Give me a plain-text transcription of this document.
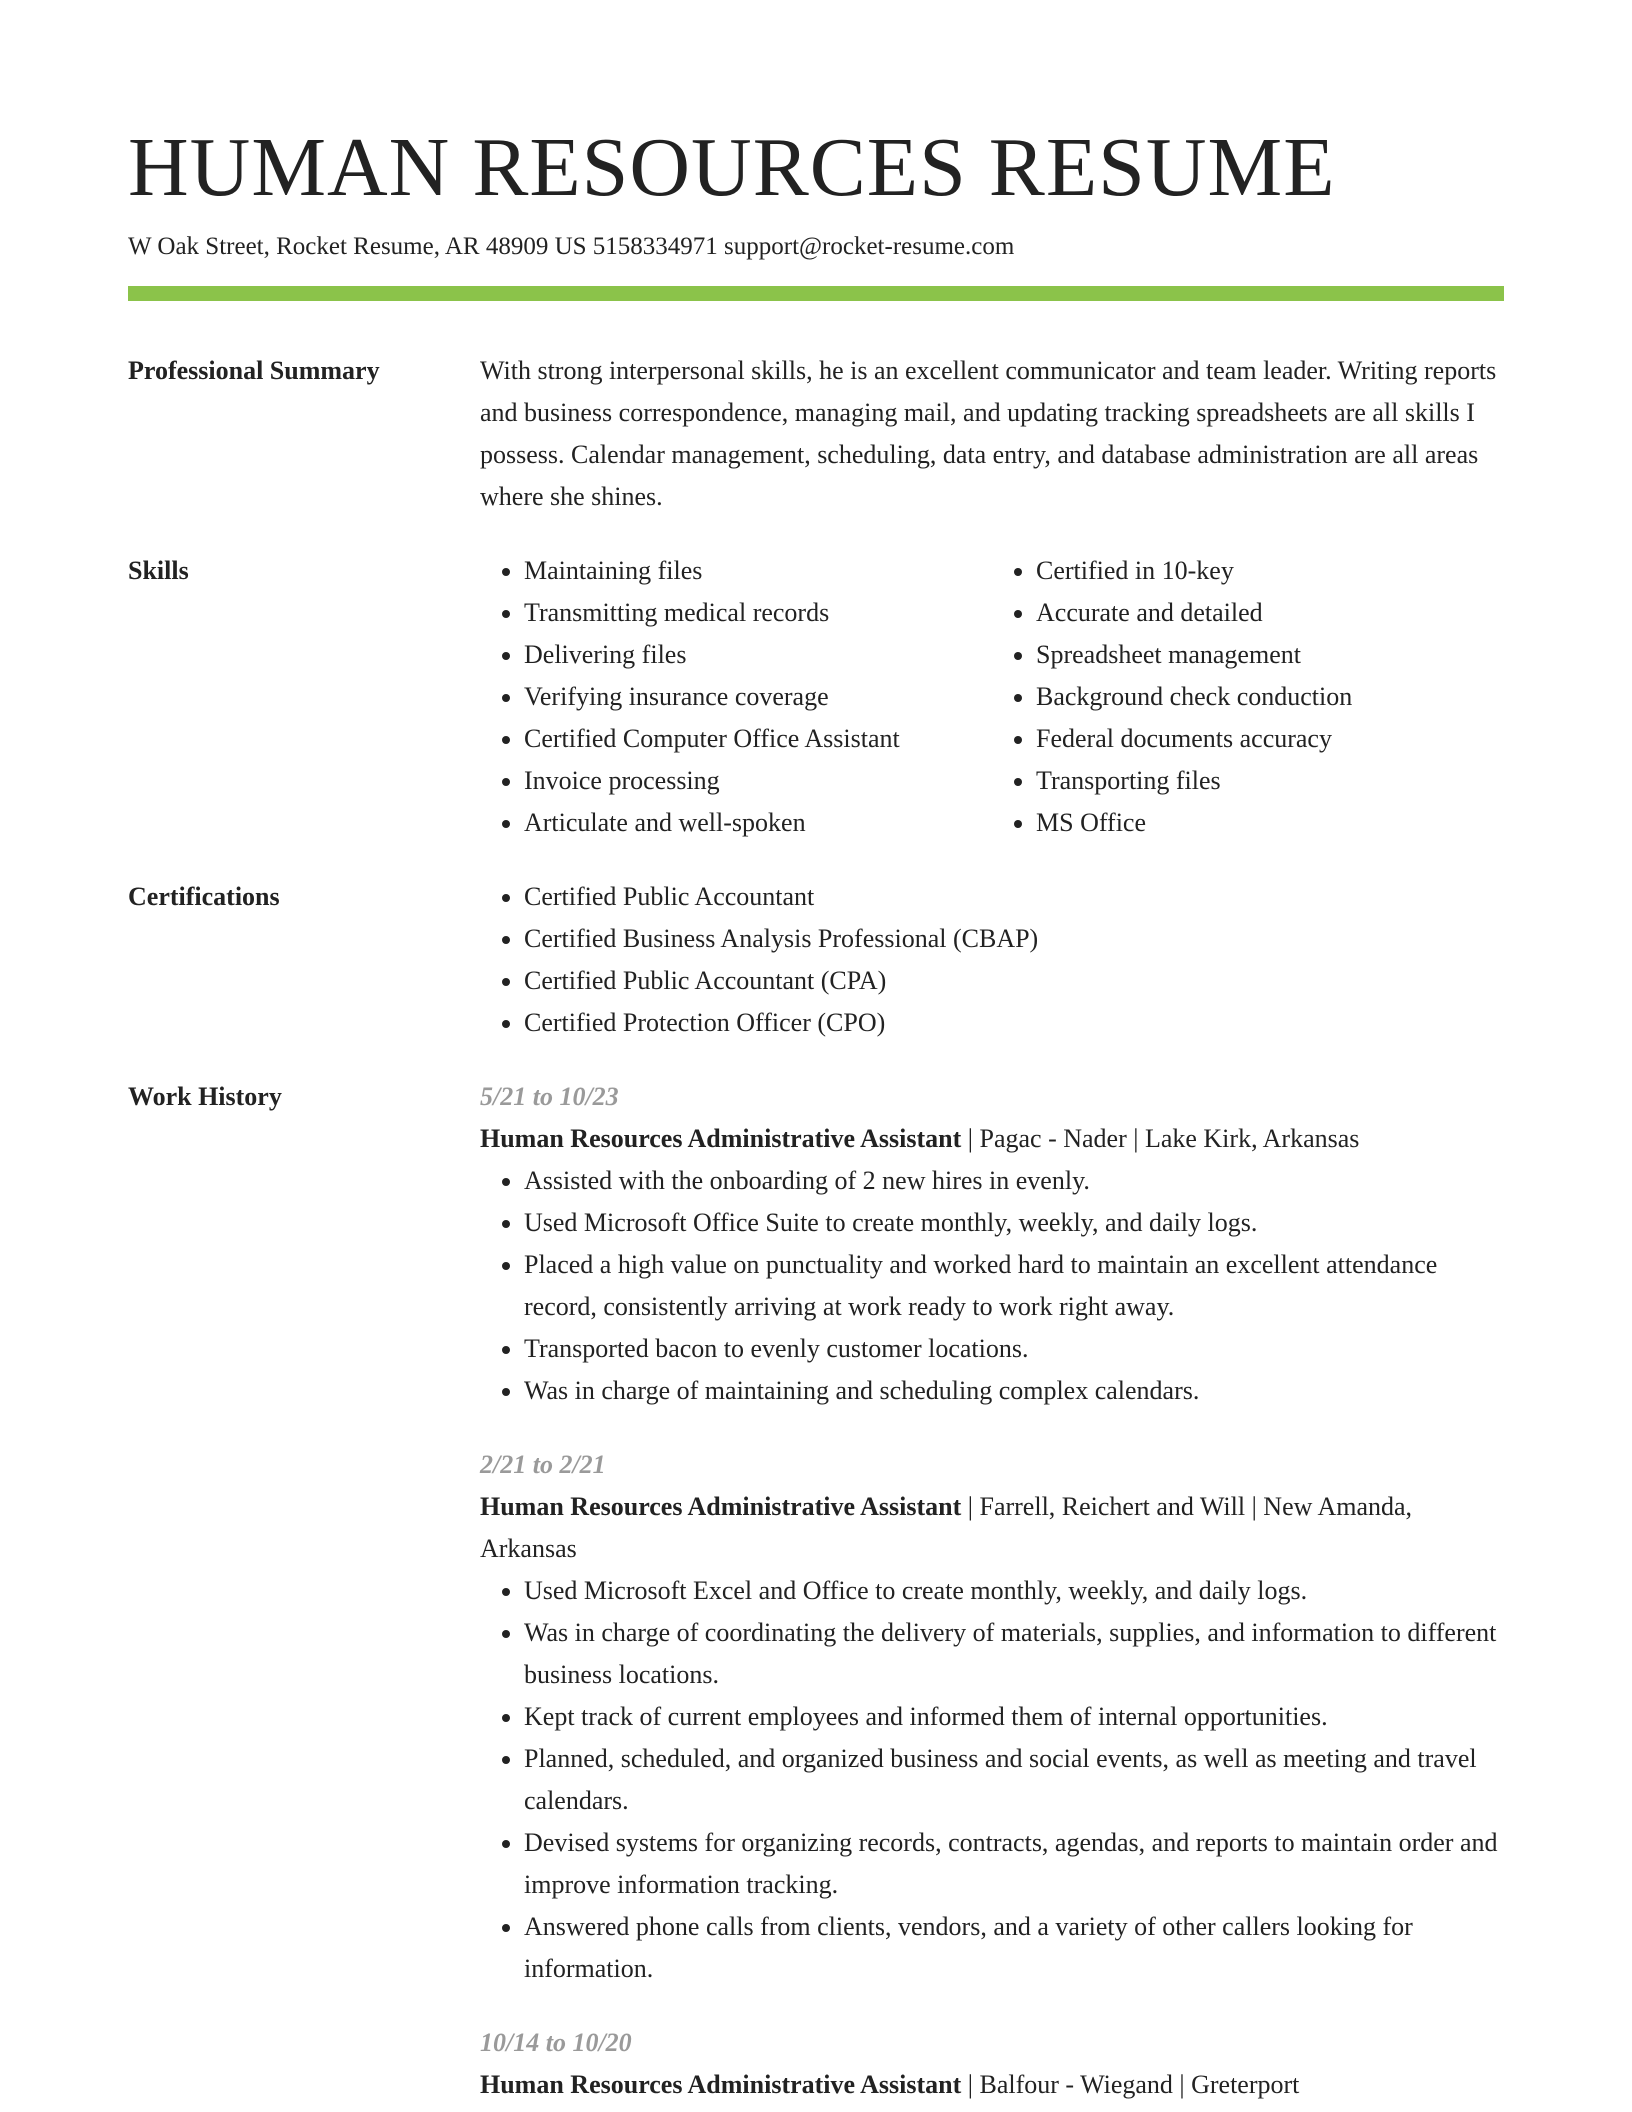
HUMAN RESOURCES RESUME
W Oak Street, Rocket Resume, AR 48909 US 5158334971 support@rocket-resume.com
Professional Summary	With strong interpersonal skills, he is an excellent communicator and team leader. Writing reports and business correspondence, managing mail, and updating tracking spreadsheets are all skills I possess. Calendar management, scheduling, data entry, and database administration are all areas where she shines.

Skills	• Maintaining files
• Transmitting medical records
• Delivering files
• Verifying insurance coverage
• Certified Computer Office Assistant
• Invoice processing
• Articulate and well-spoken
• Certified in 10-key
• Accurate and detailed
• Spreadsheet management
• Background check conduction
• Federal documents accuracy
• Transporting files
• MS Office
Certifications	• Certified Public Accountant
• Certified Business Analysis Professional (CBAP)
• Certified Public Accountant (CPA)
• Certified Protection Officer (CPO)
Work History	5/21 to 10/23

Human Resources Administrative Assistant | Pagac - Nader | Lake Kirk, Arkansas

• Assisted with the onboarding of 2 new hires in evenly.
• Used Microsoft Office Suite to create monthly, weekly, and daily logs.
• Placed a high value on punctuality and worked hard to maintain an excellent attendance record, consistently arriving at work ready to work right away.
• Transported bacon to evenly customer locations.
• Was in charge of maintaining and scheduling complex calendars.
2/21 to 2/21

Human Resources Administrative Assistant | Farrell, Reichert and Will | New Amanda, Arkansas

• Used Microsoft Excel and Office to create monthly, weekly, and daily logs.
• Was in charge of coordinating the delivery of materials, supplies, and information to different business locations.
• Kept track of current employees and informed them of internal opportunities.
• Planned, scheduled, and organized business and social events, as well as meeting and travel calendars.
• Devised systems for organizing records, contracts, agendas, and reports to maintain order and improve information tracking.
• Answered phone calls from clients, vendors, and a variety of other callers looking for information.
10/14 to 10/20

Human Resources Administrative Assistant | Balfour - Wiegand | Greterport
